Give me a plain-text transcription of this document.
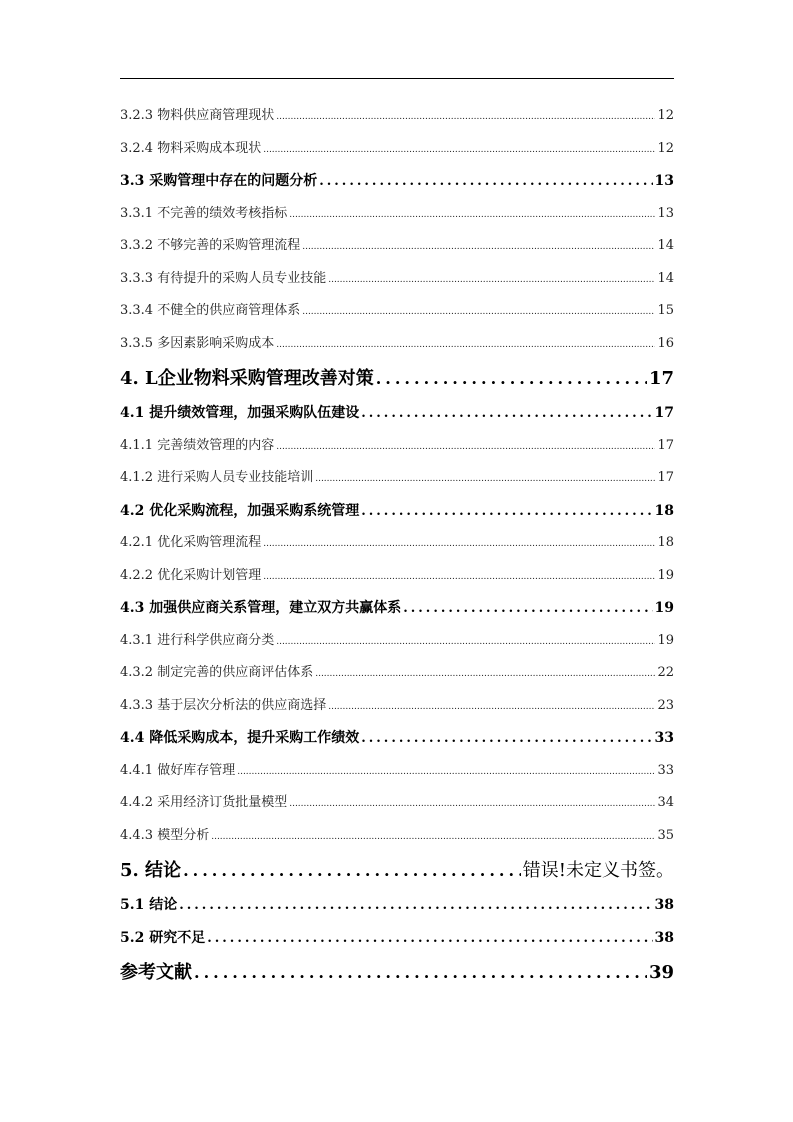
3.2.3 物料供应商管理现状 .....	12
3.2.4 物料采购成本现状 .....	12
3.3 采购管理中存在的问题分析 .....	13
3.3.1 不完善的绩效考核指标 .....	13
3.3.2 不够完善的采购管理流程 .....	14
3.3.3 有待提升的采购人员专业技能 .....	14
3.3.4 不健全的供应商管理体系 .....	15
3.3.5 多因素影响采购成本 .....	16
4. L企业物料采购管理改善对策 .....	17
4.1 提升绩效管理，加强采购队伍建设 .....	17
4.1.1 完善绩效管理的内容 .....	17
4.1.2 进行采购人员专业技能培训 .....	17
4.2 优化采购流程，加强采购系统管理 .....	18
4.2.1 优化采购管理流程 .....	18
4.2.2 优化采购计划管理 .....	19
4.3 加强供应商关系管理，建立双方共赢体系 .....	19
4.3.1 进行科学供应商分类 .....	19
4.3.2 制定完善的供应商评估体系 .....	22
4.3.3 基于层次分析法的供应商选择 .....	23
4.4 降低采购成本，提升采购工作绩效 .....	33
4.4.1 做好库存管理 .....	33
4.4.2 采用经济订货批量模型 .....	34
4.4.3 模型分析 .....	35
5. 结论 .....	错误!未定义书签。
5.1 结论 .....	38
5.2 研究不足 .....	38
参考文献 .....	39
